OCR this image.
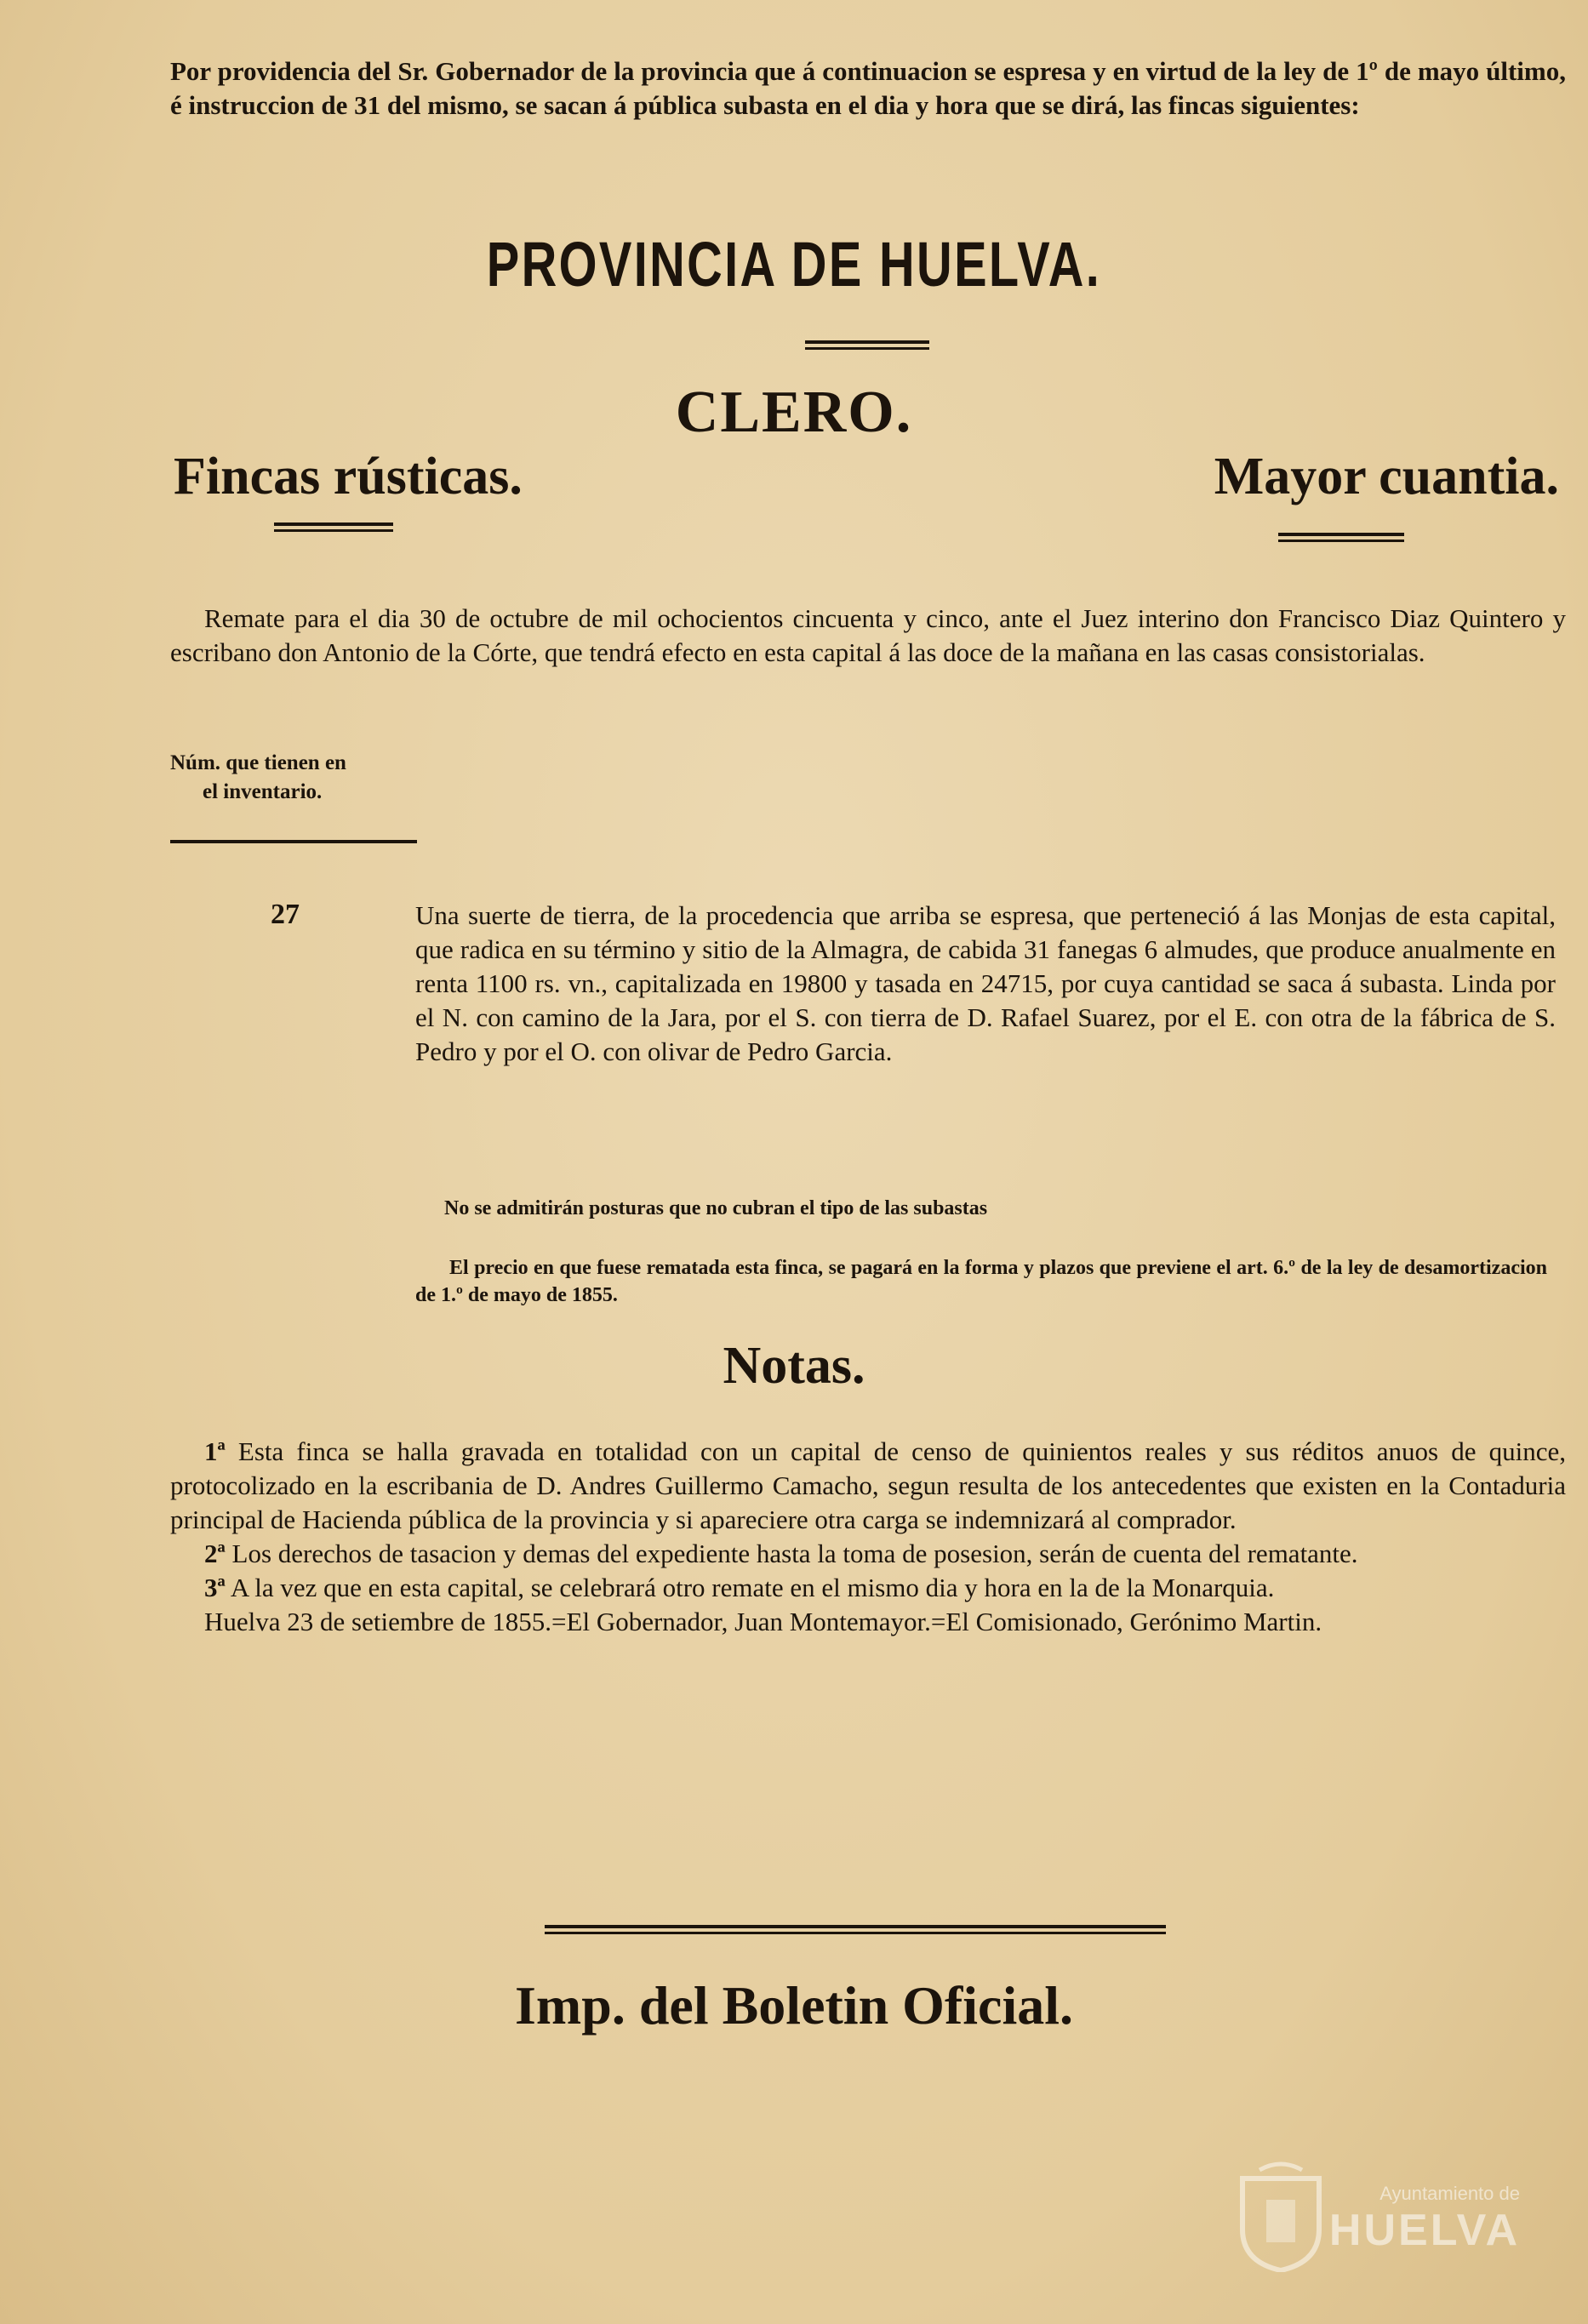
Por providencia del Sr. Gobernador de la provincia que á continuacion se espresa y en virtud de la ley de 1º de mayo último, é instruccion de 31 del mismo, se sacan á pública subasta en el dia y hora que se dirá, las fincas siguientes:
PROVINCIA DE HUELVA.
CLERO.
Fincas rústicas.	Mayor cuantia.
Remate para el dia 30 de octubre de mil ochocientos cincuenta y cinco, ante el Juez interino don Francisco Diaz Quintero y escribano don Antonio de la Córte, que tendrá efecto en esta capital á las doce de la mañana en las casas consistorialas.
Núm. que tienen en
el inventario.
27	Una suerte de tierra, de la procedencia que arriba se espresa, que perteneció á las Monjas de esta capital, que radica en su término y sitio de la Almagra, de cabida 31 fanegas 6 almudes, que produce anualmente en renta 1100 rs. vn., capitalizada en 19800 y tasada en 24715, por cuya cantidad se saca á subasta. Linda por el N. con camino de la Jara, por el S. con tierra de D. Rafael Suarez, por el E. con otra de la fábrica de S. Pedro y por el O. con olivar de Pedro Garcia.
No se admitirán posturas que no cubran el tipo de las subastas
El precio en que fuese rematada esta finca, se pagará en la forma y plazos que previene el art. 6.º de la ley de desamortizacion de 1.º de mayo de 1855.
Notas.

1ª Esta finca se halla gravada en totalidad con un capital de censo de quinientos reales y sus réditos anuos de quince, protocolizado en la escribania de D. Andres Guillermo Camacho, segun resulta de los antecedentes que existen en la Contaduria principal de Hacienda pública de la provincia y si apareciere otra carga se indemnizará al comprador.

2ª Los derechos de tasacion y demas del expediente hasta la toma de posesion, serán de cuenta del rematante.

3ª A la vez que en esta capital, se celebrará otro remate en el mismo dia y hora en la de la Monarquia.

Huelva 23 de setiembre de 1855.=El Gobernador, Juan Montemayor.=El Comisionado, Gerónimo Martin.

Imp. del Boletin Oficial.
Ayuntamiento de
HUELVA
